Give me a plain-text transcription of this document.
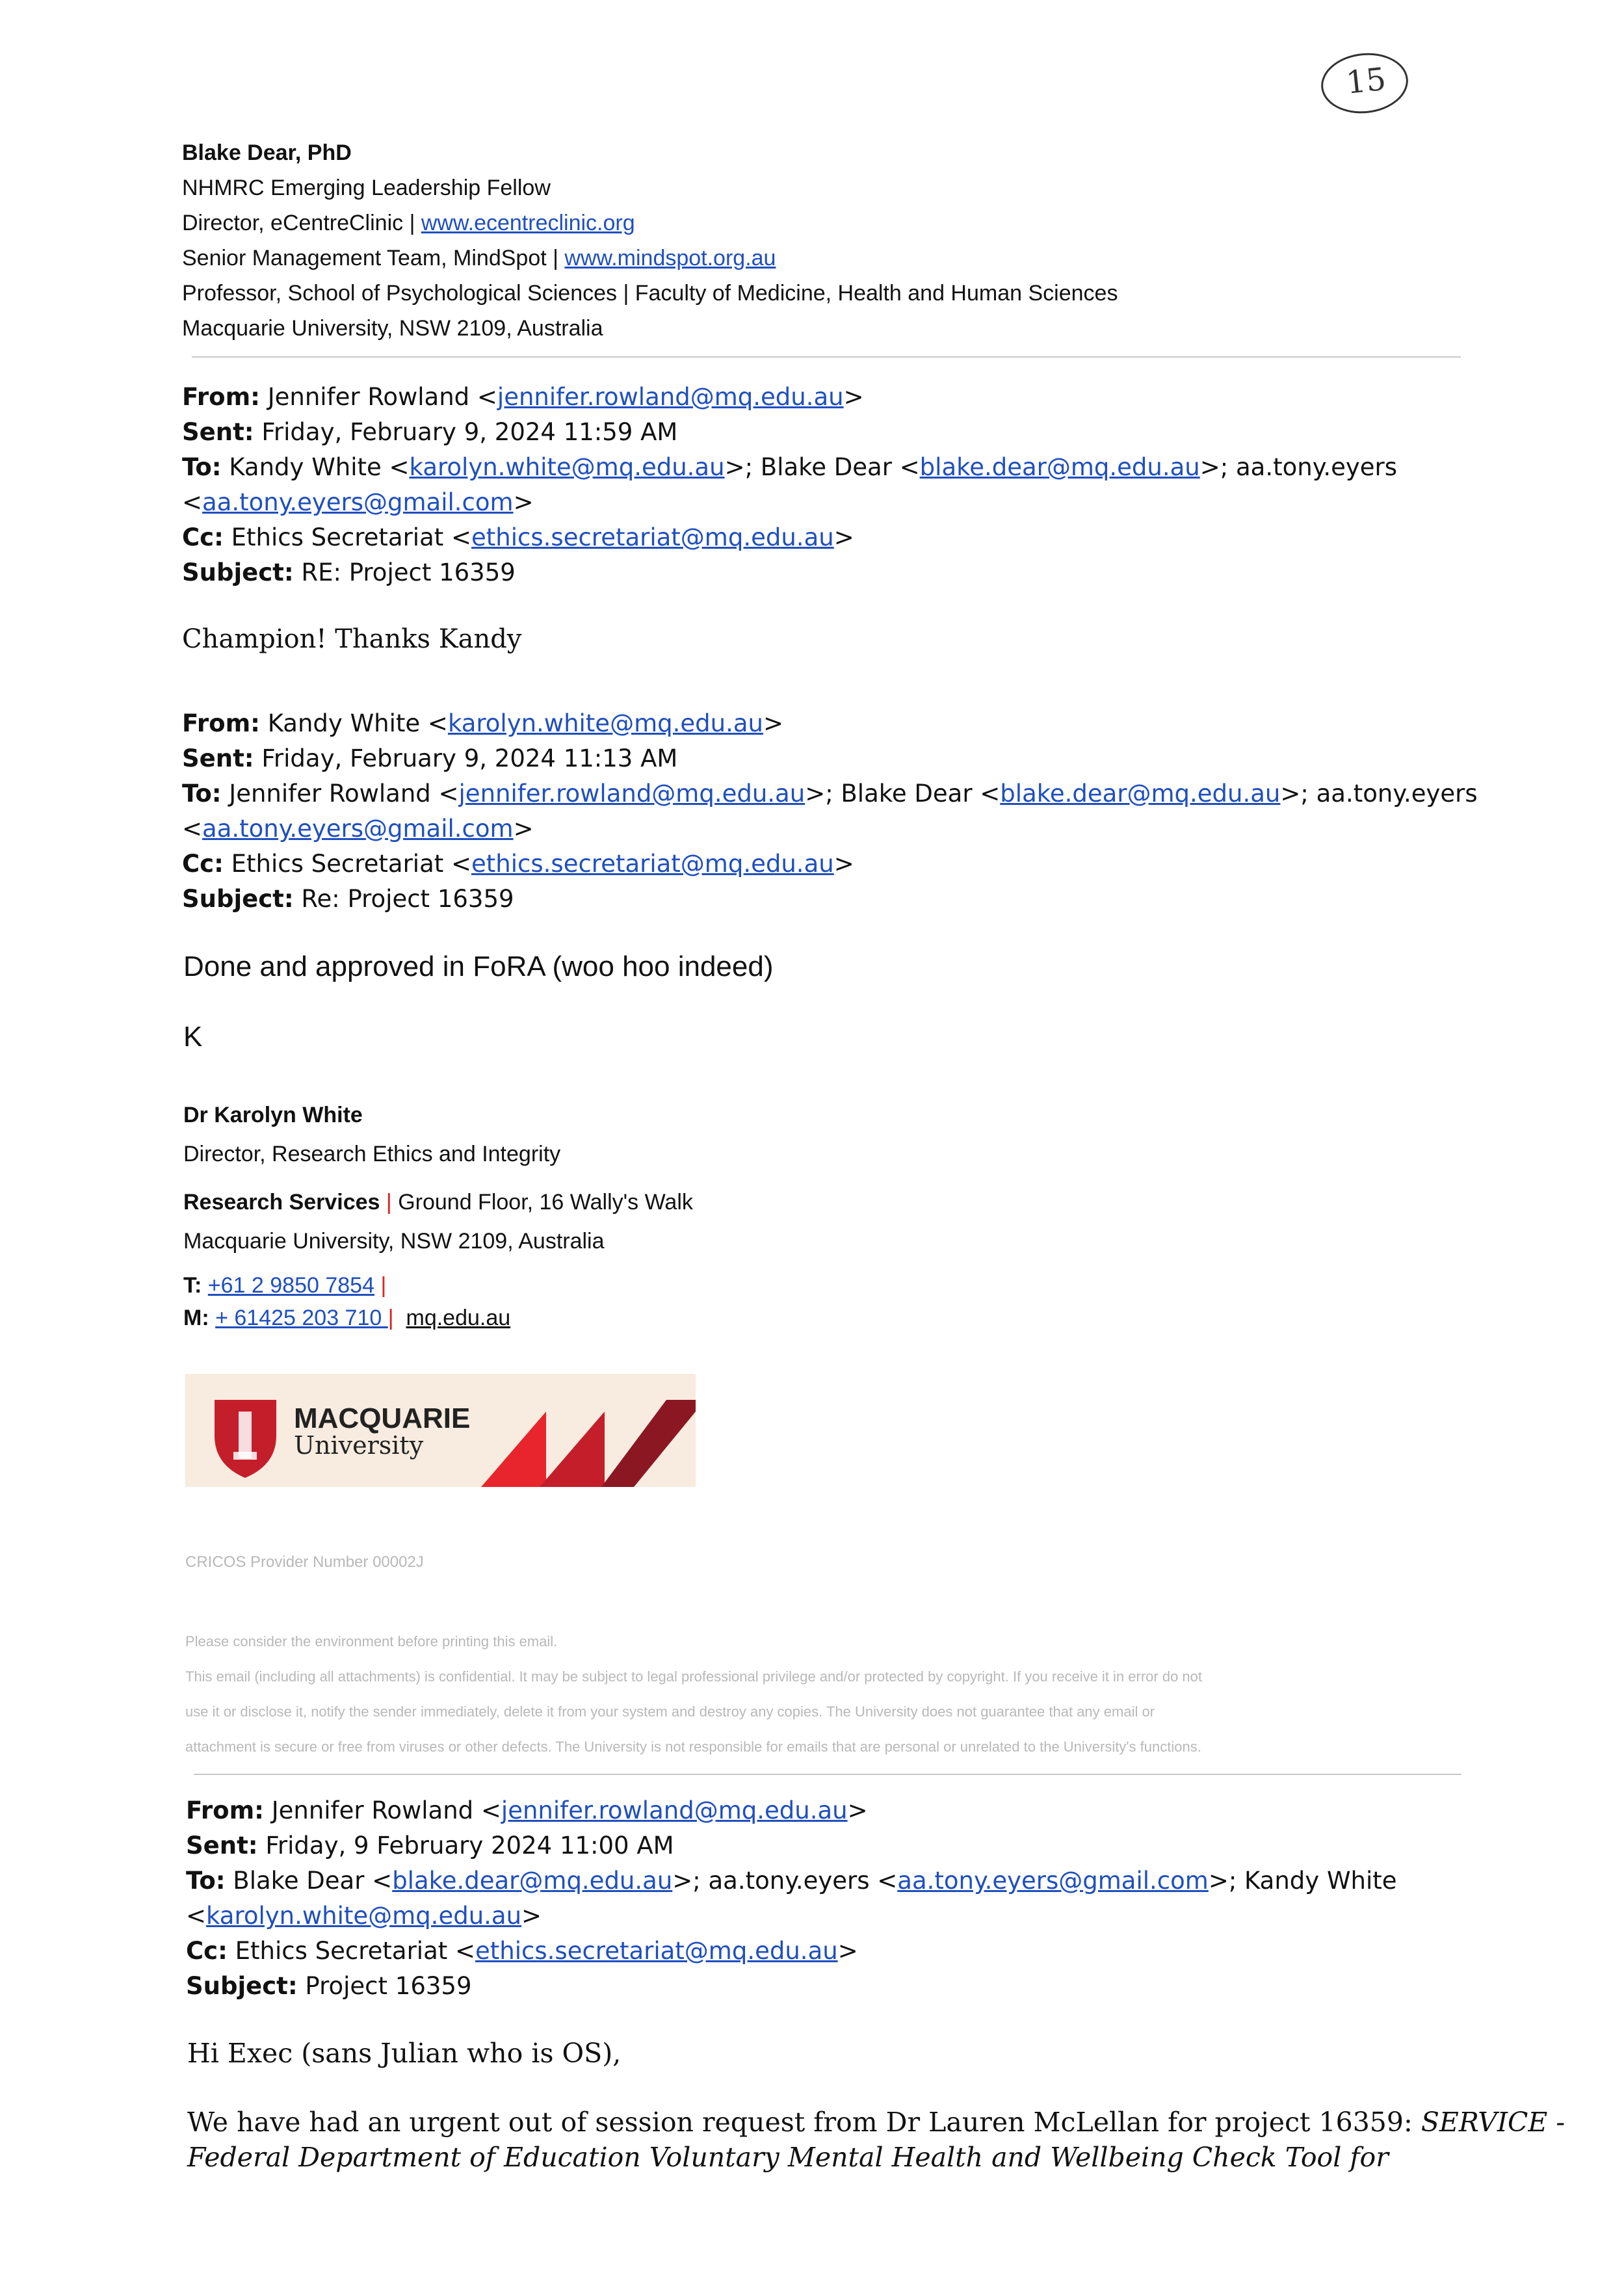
15
Blake Dear, PhD
NHMRC Emerging Leadership Fellow
Director, eCentreClinic | www.ecentreclinic.org
Senior Management Team, MindSpot | www.mindspot.org.au
Professor, School of Psychological Sciences | Faculty of Medicine, Health and Human Sciences
Macquarie University, NSW 2109, Australia
From: Jennifer Rowland <jennifer.rowland@mq.edu.au>
Sent: Friday, February 9, 2024 11:59 AM
To: Kandy White <karolyn.white@mq.edu.au>; Blake Dear <blake.dear@mq.edu.au>; aa.tony.eyers
<aa.tony.eyers@gmail.com>
Cc: Ethics Secretariat <ethics.secretariat@mq.edu.au>
Subject: RE: Project 16359
Champion! Thanks Kandy
From: Kandy White <karolyn.white@mq.edu.au>
Sent: Friday, February 9, 2024 11:13 AM
To: Jennifer Rowland <jennifer.rowland@mq.edu.au>; Blake Dear <blake.dear@mq.edu.au>; aa.tony.eyers
<aa.tony.eyers@gmail.com>
Cc: Ethics Secretariat <ethics.secretariat@mq.edu.au>
Subject: Re: Project 16359
Done and approved in FoRA (woo hoo indeed)
K
Dr Karolyn White
Director, Research Ethics and Integrity
Research Services | Ground Floor, 16 Wally's Walk
Macquarie University, NSW 2109, Australia
T: +61 2 9850 7854 |
M: + 61425 203 710 | mq.edu.au
MACQUARIE
University
CRICOS Provider Number 00002J
Please consider the environment before printing this email.
This email (including all attachments) is confidential. It may be subject to legal professional privilege and/or protected by copyright. If you receive it in error do not
use it or disclose it, notify the sender immediately, delete it from your system and destroy any copies. The University does not guarantee that any email or
attachment is secure or free from viruses or other defects. The University is not responsible for emails that are personal or unrelated to the University's functions.
From: Jennifer Rowland <jennifer.rowland@mq.edu.au>
Sent: Friday, 9 February 2024 11:00 AM
To: Blake Dear <blake.dear@mq.edu.au>; aa.tony.eyers <aa.tony.eyers@gmail.com>; Kandy White
<karolyn.white@mq.edu.au>
Cc: Ethics Secretariat <ethics.secretariat@mq.edu.au>
Subject: Project 16359
Hi Exec (sans Julian who is OS),
We have had an urgent out of session request from Dr Lauren McLellan for project 16359: SERVICE -
Federal Department of Education Voluntary Mental Health and Wellbeing Check Tool for
